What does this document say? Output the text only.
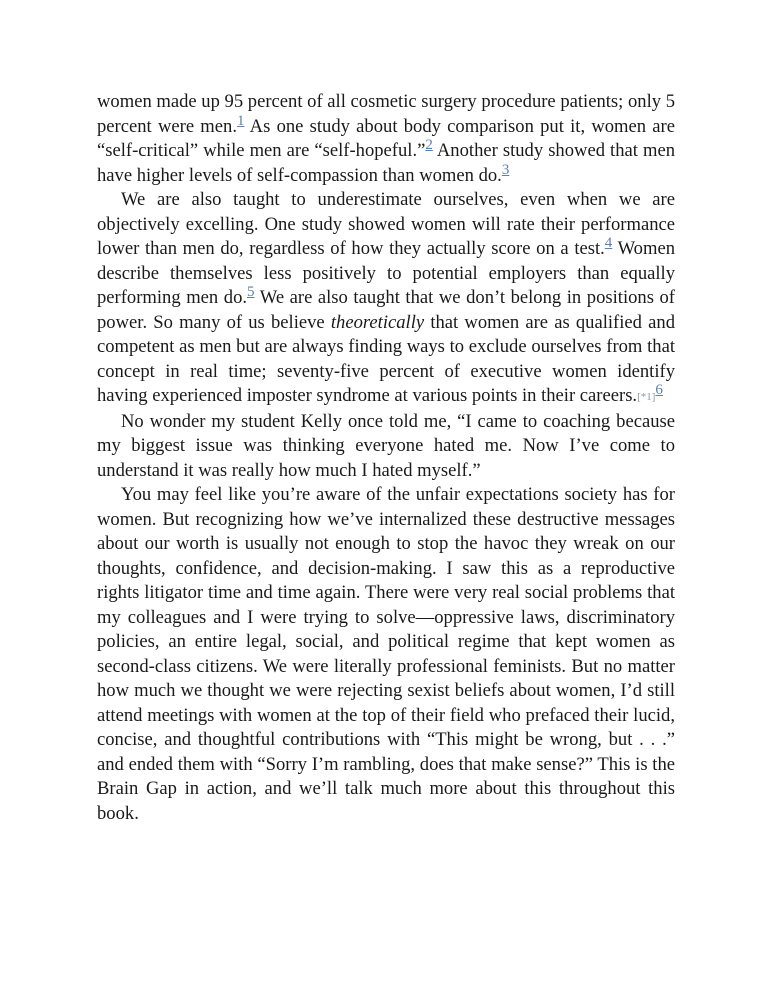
women made up 95 percent of all cosmetic surgery procedure patients; only 5 percent were men.$^1$ As one study about body comparison put it, women are “self-critical” while men are “self-hopeful.”$^2$ Another study showed that men have higher levels of self-compassion than women do.$^3$

We are also taught to underestimate ourselves, even when we are objectively excelling. One study showed women will rate their performance lower than men do, regardless of how they actually score on a test.$^4$ Women describe themselves less positively to potential employers than equally performing men do.$^5$ We are also taught that we don’t belong in positions of power. So many of us believe theoretically that women are as qualified and competent as men but are always finding ways to exclude ourselves from that concept in real time; seventy-five percent of executive women identify having experienced imposter syndrome at various points in their $careers.[*1]^6$

No wonder my student Kelly once told me, “I came to coaching because my biggest issue was thinking everyone hated me. Now I’ve come to understand it was really how much I hated myself.”

You may feel like you’re aware of the unfair expectations society has for women. But recognizing how we’ve internalized these destructive messages about our worth is usually not enough to stop the havoc they wreak on our thoughts, confidence, and decision-making. I saw this as a reproductive rights litigator time and time again. There were very real social problems that my colleagues and I were trying to solve—oppressive laws, discriminatory policies, an entire legal, social, and political regime that kept women as second-class citizens. We were literally professional feminists. But no matter how much we thought we were rejecting sexist beliefs about women, I’d still attend meetings with women at the top of their field who prefaced their lucid, concise, and thoughtful contributions with “This might be wrong, but . . .” and ended them with “Sorry I’m rambling, does that make sense?” This is the Brain Gap in action, and we’ll talk much more about this throughout this book.
